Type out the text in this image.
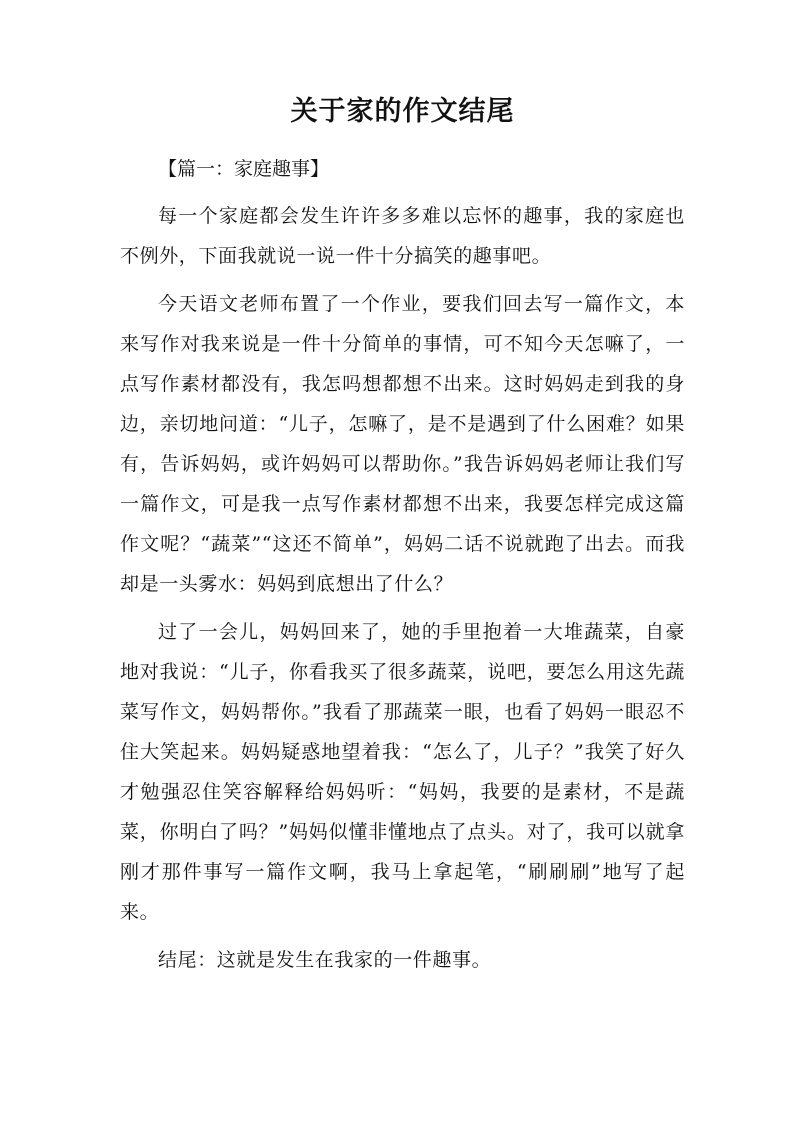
关于家的作文结尾

【篇一：家庭趣事】

每一个家庭都会发生许许多多难以忘怀的趣事，我的家庭也不例外，下面我就说一说一件十分搞笑的趣事吧。

今天语文老师布置了一个作业，要我们回去写一篇作文，本来写作对我来说是一件十分简单的事情，可不知今天怎嘛了，一点写作素材都没有，我怎吗想都想不出来。这时妈妈走到我的身边，亲切地问道：“儿子，怎嘛了，是不是遇到了什么困难？如果有，告诉妈妈，或许妈妈可以帮助你。”我告诉妈妈老师让我们写一篇作文，可是我一点写作素材都想不出来，我要怎样完成这篇作文呢？“蔬菜”“这还不简单”，妈妈二话不说就跑了出去。而我却是一头雾水：妈妈到底想出了什么？

过了一会儿，妈妈回来了，她的手里抱着一大堆蔬菜，自豪地对我说：“儿子，你看我买了很多蔬菜，说吧，要怎么用这先蔬菜写作文，妈妈帮你。”我看了那蔬菜一眼，也看了妈妈一眼忍不住大笑起来。妈妈疑惑地望着我：“怎么了，儿子？”我笑了好久才勉强忍住笑容解释给妈妈听：“妈妈，我要的是素材，不是蔬菜，你明白了吗？”妈妈似懂非懂地点了点头。对了，我可以就拿刚才那件事写一篇作文啊，我马上拿起笔，“刷刷刷”地写了起来。

结尾：这就是发生在我家的一件趣事。
